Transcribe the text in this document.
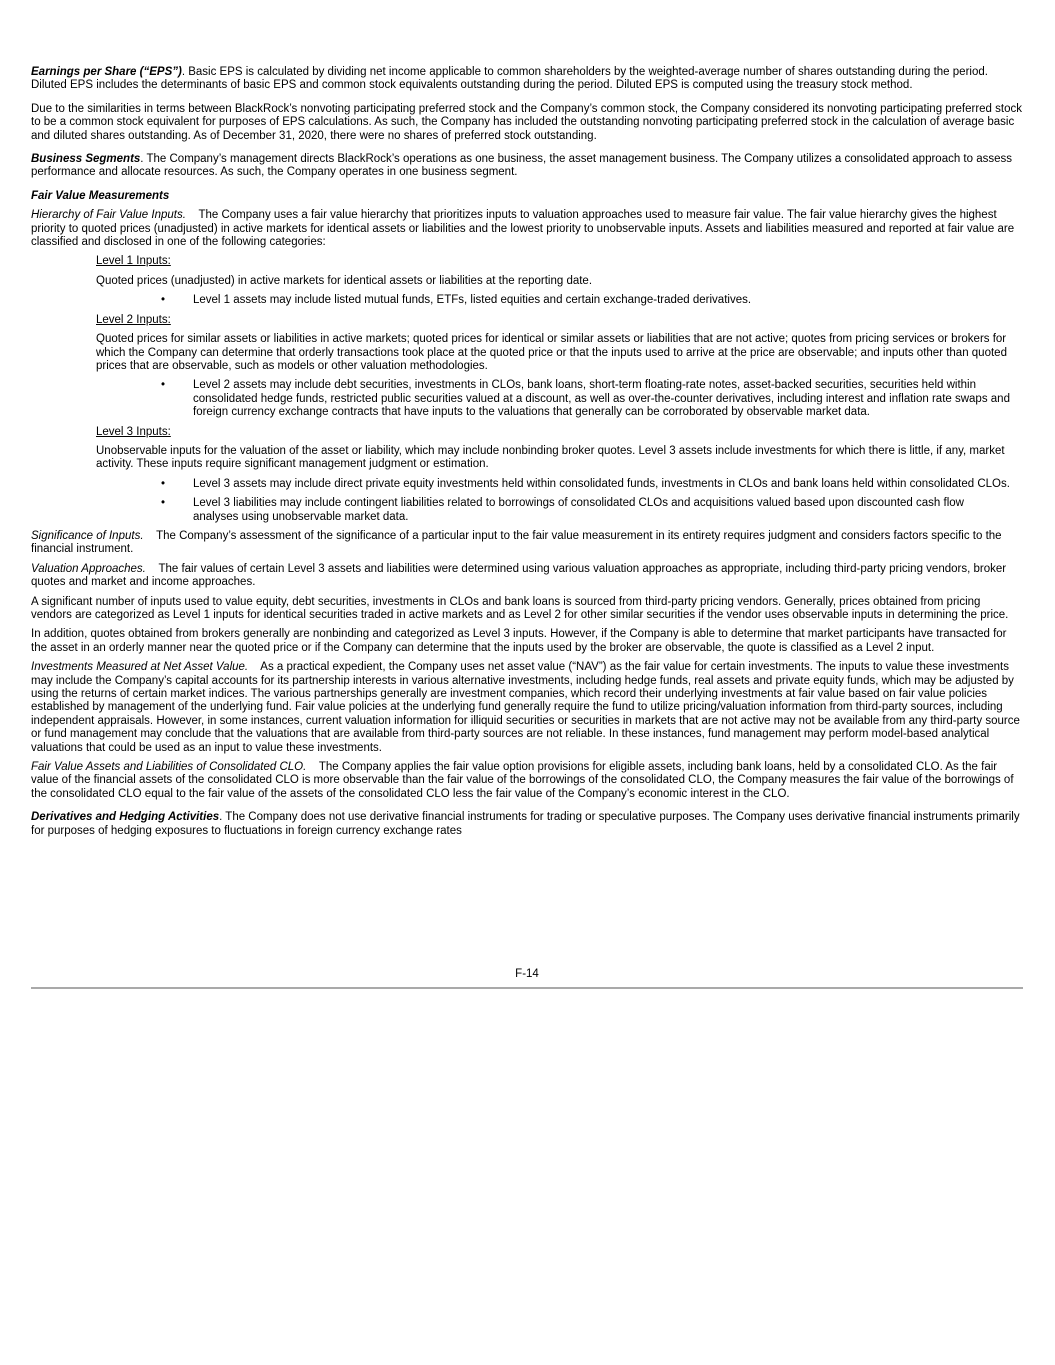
Earnings per Share (“EPS”). Basic EPS is calculated by dividing net income applicable to common shareholders by the weighted-average number of shares outstanding during the period. Diluted EPS includes the determinants of basic EPS and common stock equivalents outstanding during the period. Diluted EPS is computed using the treasury stock method.

Due to the similarities in terms between BlackRock’s nonvoting participating preferred stock and the Company’s common stock, the Company considered its nonvoting participating preferred stock to be a common stock equivalent for purposes of EPS calculations. As such, the Company has included the outstanding nonvoting participating preferred stock in the calculation of average basic and diluted shares outstanding. As of December 31, 2020, there were no shares of preferred stock outstanding.

Business Segments. The Company’s management directs BlackRock’s operations as one business, the asset management business. The Company utilizes a consolidated approach to assess performance and allocate resources. As such, the Company operates in one business segment.

Fair Value Measurements

Hierarchy of Fair Value Inputs.    The Company uses a fair value hierarchy that prioritizes inputs to valuation approaches used to measure fair value. The fair value hierarchy gives the highest priority to quoted prices (unadjusted) in active markets for identical assets or liabilities and the lowest priority to unobservable inputs. Assets and liabilities measured and reported at fair value are classified and disclosed in one of the following categories:

Level 1 Inputs:

Quoted prices (unadjusted) in active markets for identical assets or liabilities at the reporting date.

•	Level 1 assets may include listed mutual funds, ETFs, listed equities and certain exchange-traded derivatives.

Level 2 Inputs:

Quoted prices for similar assets or liabilities in active markets; quoted prices for identical or similar assets or liabilities that are not active; quotes from pricing services or brokers for which the Company can determine that orderly transactions took place at the quoted price or that the inputs used to arrive at the price are observable; and inputs other than quoted prices that are observable, such as models or other valuation methodologies.

•	Level 2 assets may include debt securities, investments in CLOs, bank loans, short-term floating-rate notes, asset-backed securities, securities held within consolidated hedge funds, restricted public securities valued at a discount, as well as over-the-counter derivatives, including interest and inflation rate swaps and foreign currency exchange contracts that have inputs to the valuations that generally can be corroborated by observable market data.

Level 3 Inputs:

Unobservable inputs for the valuation of the asset or liability, which may include nonbinding broker quotes. Level 3 assets include investments for which there is little, if any, market activity. These inputs require significant management judgment or estimation.

•	Level 3 assets may include direct private equity investments held within consolidated funds, investments in CLOs and bank loans held within consolidated CLOs.
•	Level 3 liabilities may include contingent liabilities related to borrowings of consolidated CLOs and acquisitions valued based upon discounted cash flow analyses using unobservable market data.

Significance of Inputs.    The Company’s assessment of the significance of a particular input to the fair value measurement in its entirety requires judgment and considers factors specific to the financial instrument.

Valuation Approaches.    The fair values of certain Level 3 assets and liabilities were determined using various valuation approaches as appropriate, including third-party pricing vendors, broker quotes and market and income approaches.

A significant number of inputs used to value equity, debt securities, investments in CLOs and bank loans is sourced from third-party pricing vendors. Generally, prices obtained from pricing vendors are categorized as Level 1 inputs for identical securities traded in active markets and as Level 2 for other similar securities if the vendor uses observable inputs in determining the price.

In addition, quotes obtained from brokers generally are nonbinding and categorized as Level 3 inputs. However, if the Company is able to determine that market participants have transacted for the asset in an orderly manner near the quoted price or if the Company can determine that the inputs used by the broker are observable, the quote is classified as a Level 2 input.

Investments Measured at Net Asset Value.    As a practical expedient, the Company uses net asset value (“NAV”) as the fair value for certain investments. The inputs to value these investments may include the Company’s capital accounts for its partnership interests in various alternative investments, including hedge funds, real assets and private equity funds, which may be adjusted by using the returns of certain market indices. The various partnerships generally are investment companies, which record their underlying investments at fair value based on fair value policies established by management of the underlying fund. Fair value policies at the underlying fund generally require the fund to utilize pricing/valuation information from third-party sources, including independent appraisals. However, in some instances, current valuation information for illiquid securities or securities in markets that are not active may not be available from any third-party source or fund management may conclude that the valuations that are available from third-party sources are not reliable. In these instances, fund management may perform model-based analytical valuations that could be used as an input to value these investments.

Fair Value Assets and Liabilities of Consolidated CLO.    The Company applies the fair value option provisions for eligible assets, including bank loans, held by a consolidated CLO. As the fair value of the financial assets of the consolidated CLO is more observable than the fair value of the borrowings of the consolidated CLO, the Company measures the fair value of the borrowings of the consolidated CLO equal to the fair value of the assets of the consolidated CLO less the fair value of the Company’s economic interest in the CLO.

Derivatives and Hedging Activities. The Company does not use derivative financial instruments for trading or speculative purposes. The Company uses derivative financial instruments primarily for purposes of hedging exposures to fluctuations in foreign currency exchange rates

F-14
